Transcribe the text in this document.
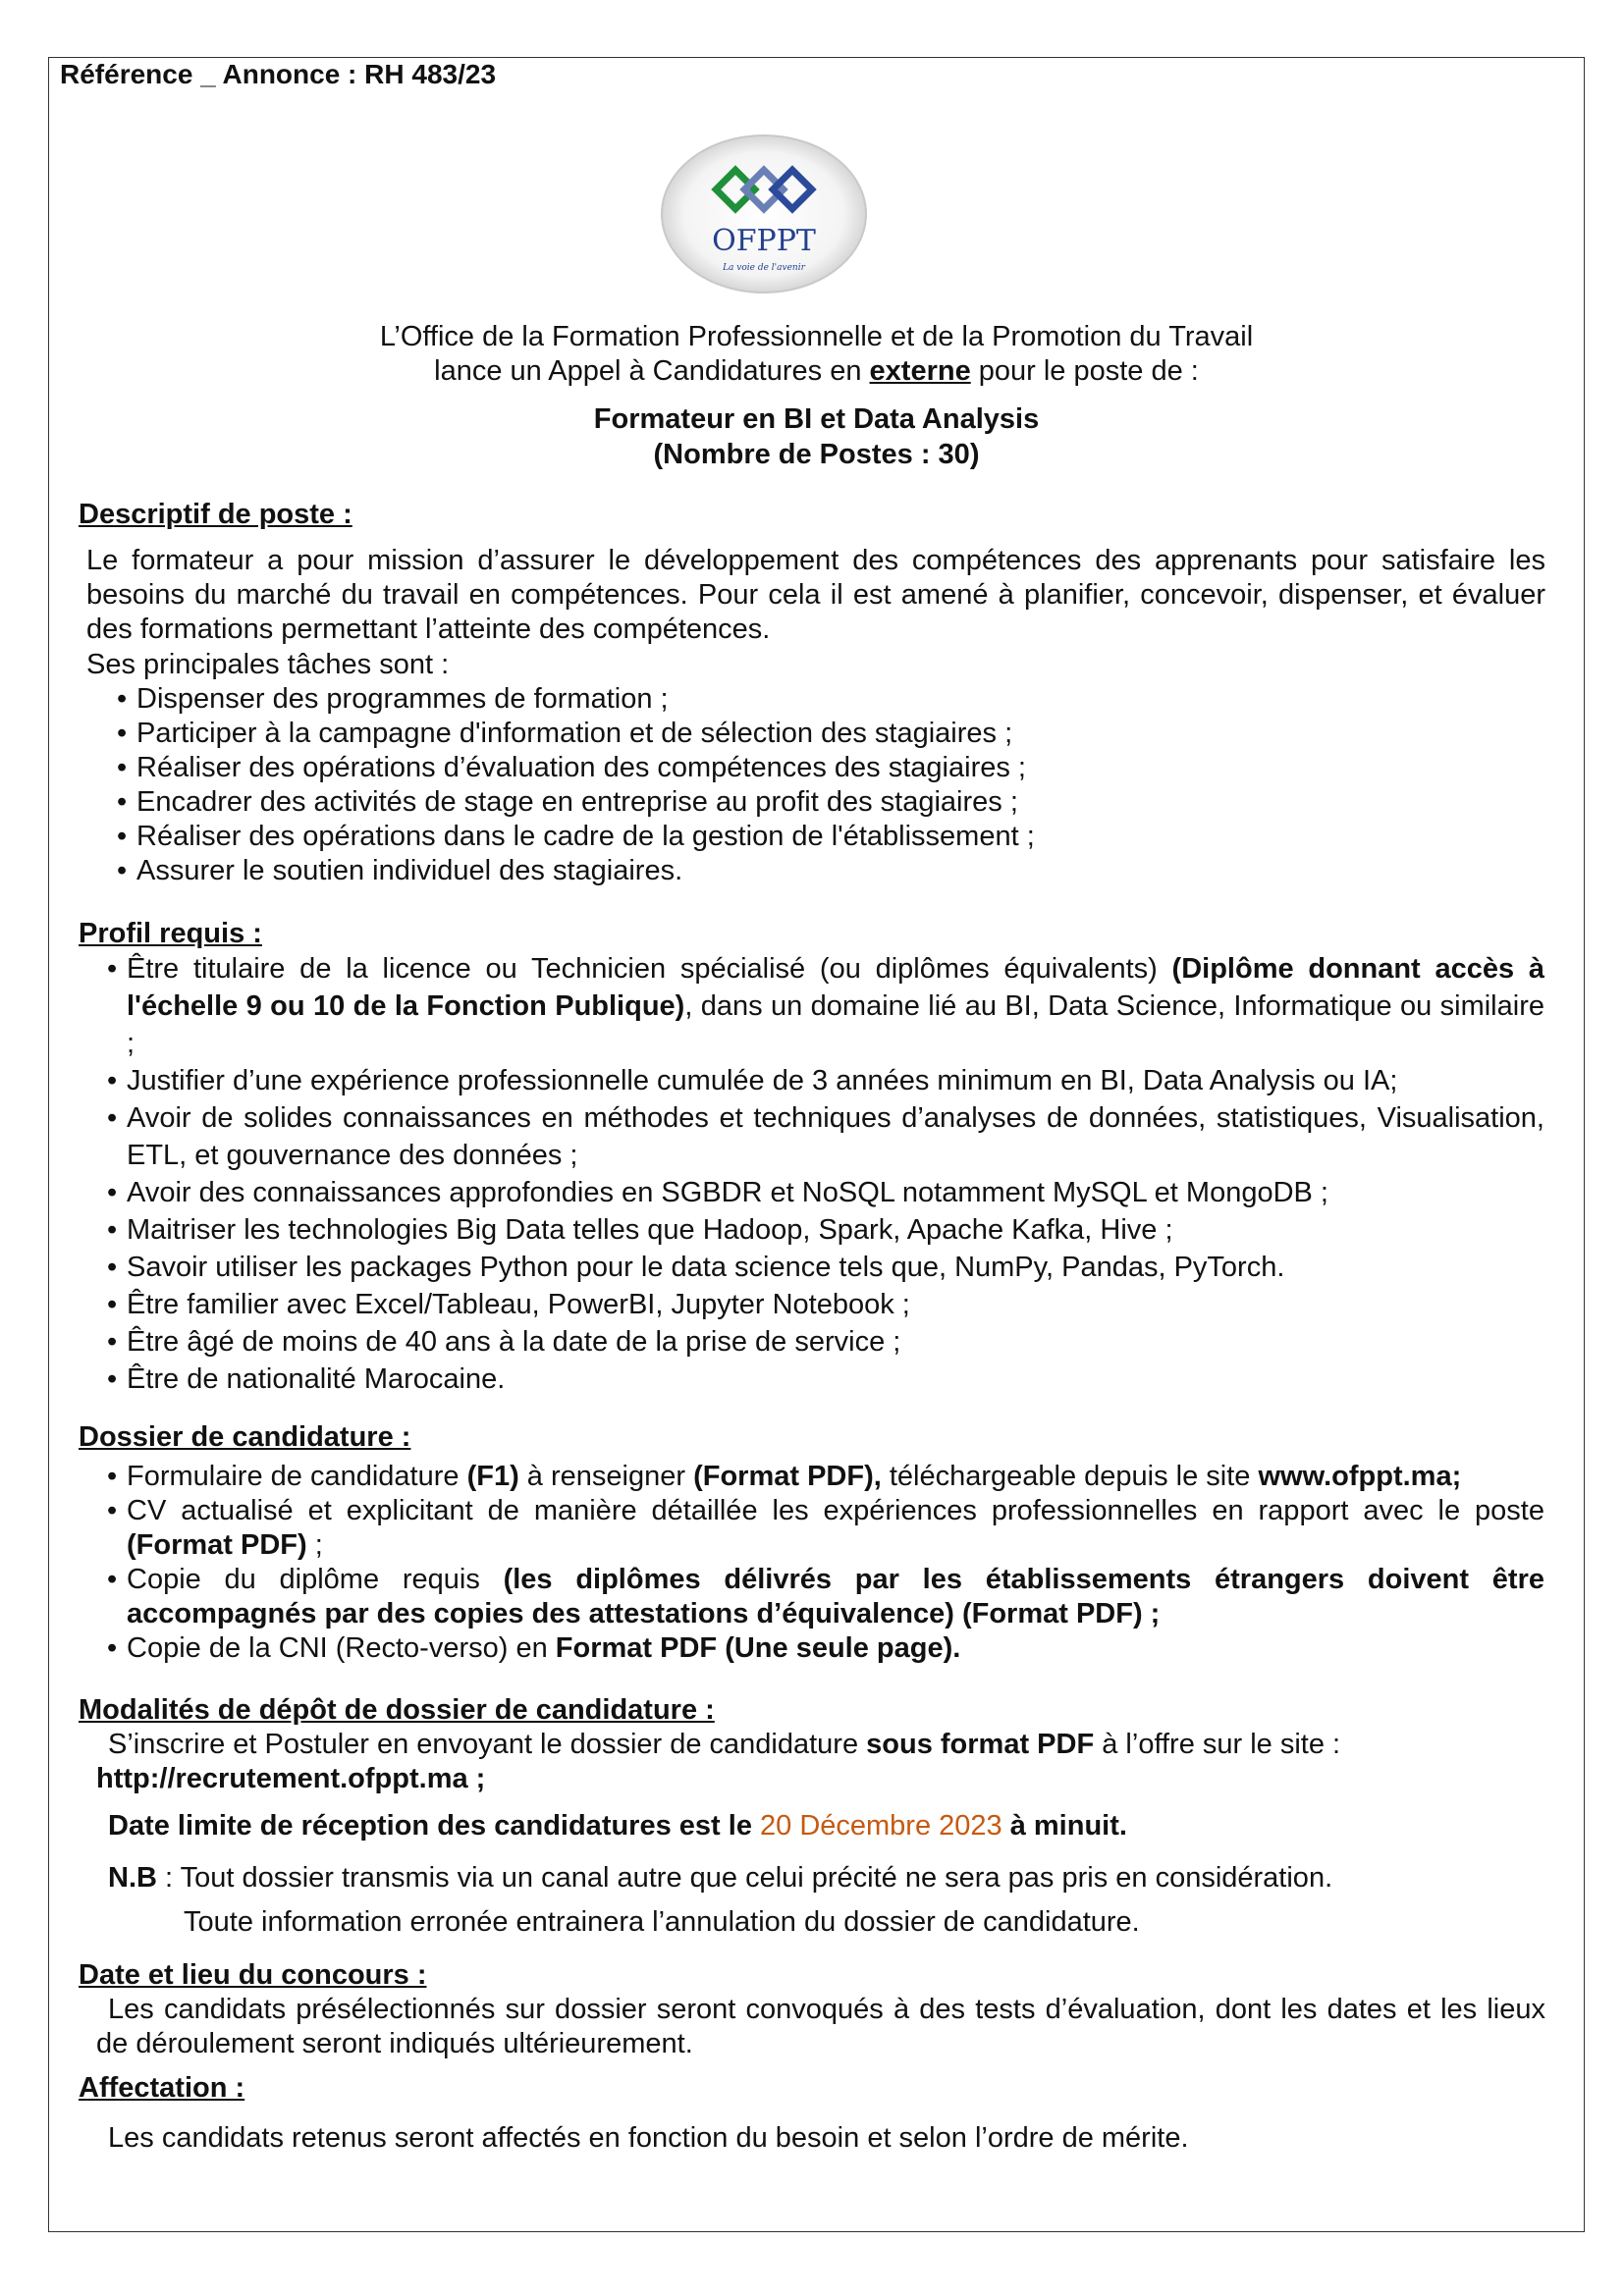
Référence _ Annonce : RH 483/23
OFPPT
La voie de l'avenir
L’Office de la Formation Professionnelle et de la Promotion du Travail
lance un Appel à Candidatures en externe pour le poste de :
Formateur en BI et Data Analysis
(Nombre de Postes : 30)
Descriptif de poste :
Le formateur a pour mission d’assurer le développement des compétences des apprenants pour satisfaire les besoins du marché du travail en compétences. Pour cela il est amené à planifier, concevoir, dispenser, et évaluer des formations permettant l’atteinte des compétences.
Ses principales tâches sont :
• Dispenser des programmes de formation ;
• Participer à la campagne d'information et de sélection des stagiaires ;
• Réaliser des opérations d’évaluation des compétences des stagiaires ;
• Encadrer des activités de stage en entreprise au profit des stagiaires ;
• Réaliser des opérations dans le cadre de la gestion de l'établissement ;
• Assurer le soutien individuel des stagiaires.
Profil requis :
• Être titulaire de la licence ou Technicien spécialisé (ou diplômes équivalents) (Diplôme donnant accès à l'échelle 9 ou 10 de la Fonction Publique), dans un domaine lié au BI, Data Science, Informatique ou similaire ;
• Justifier d’une expérience professionnelle cumulée de 3 années minimum en BI, Data Analysis ou IA;
• Avoir de solides connaissances en méthodes et techniques d’analyses de données, statistiques, Visualisation, ETL, et gouvernance des données ;
• Avoir des connaissances approfondies en SGBDR et NoSQL notamment MySQL et MongoDB ;
• Maitriser les technologies Big Data telles que Hadoop, Spark, Apache Kafka, Hive ;
• Savoir utiliser les packages Python pour le data science tels que, NumPy, Pandas, PyTorch.
• Être familier avec Excel/Tableau, PowerBI, Jupyter Notebook ;
• Être âgé de moins de 40 ans à la date de la prise de service ;
• Être de nationalité Marocaine.
Dossier de candidature :
• Formulaire de candidature (F1) à renseigner (Format PDF), téléchargeable depuis le site www.ofppt.ma;
• CV actualisé et explicitant de manière détaillée les expériences professionnelles en rapport avec le poste (Format PDF) ;
• Copie du diplôme requis (les diplômes délivrés par les établissements étrangers doivent être accompagnés par des copies des attestations d’équivalence) (Format PDF) ;
• Copie de la CNI (Recto-verso) en Format PDF (Une seule page).
Modalités de dépôt de dossier de candidature :
S’inscrire et Postuler en envoyant le dossier de candidature sous format PDF à l’offre sur le site :
http://recrutement.ofppt.ma ;
Date limite de réception des candidatures est le 20 Décembre 2023 à minuit.
N.B : Tout dossier transmis via un canal autre que celui précité ne sera pas pris en considération.
Toute information erronée entrainera l’annulation du dossier de candidature.
Date et lieu du concours :
Les candidats présélectionnés sur dossier seront convoqués à des tests d’évaluation, dont les dates et les lieux de déroulement seront indiqués ultérieurement.
Affectation :
Les candidats retenus seront affectés en fonction du besoin et selon l’ordre de mérite.
